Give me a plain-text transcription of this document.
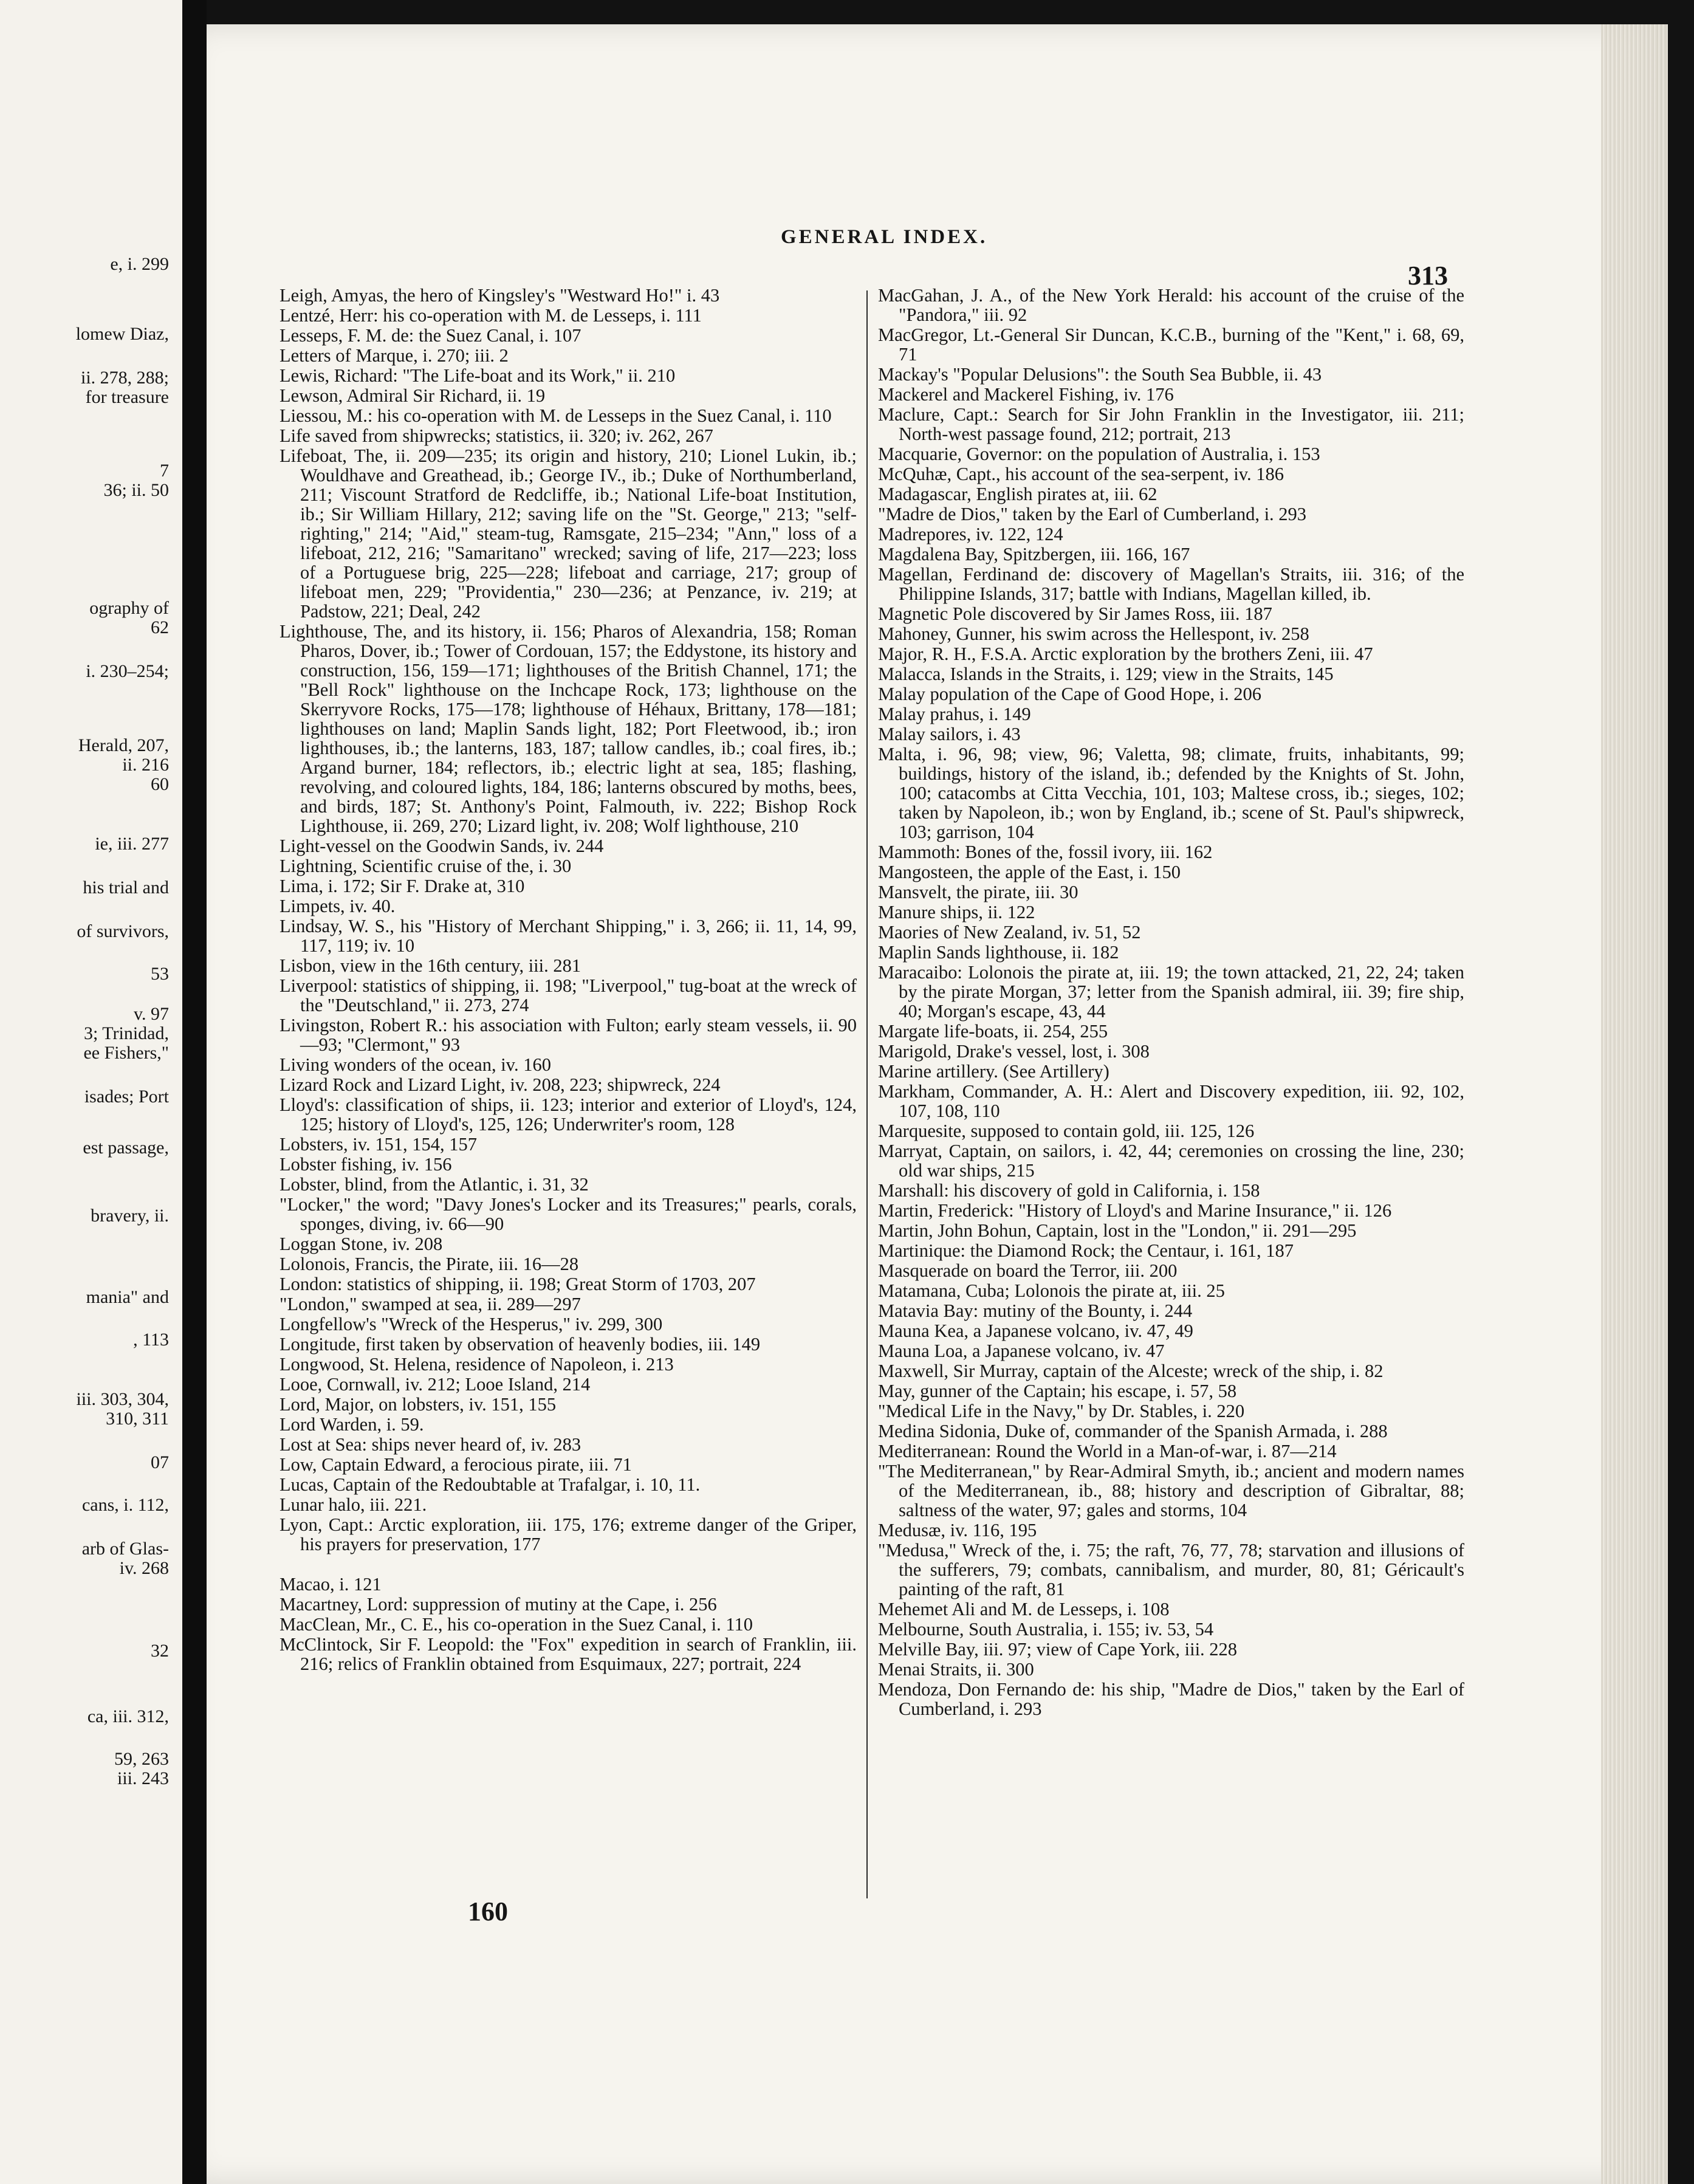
e, i. 299
lomew Diaz,
ii. 278, 288;
for treasure
7
36; ii. 50
ography of
62
i. 230–254;
Herald, 207,
ii. 216
60
ie, iii. 277
his trial and
of survivors,
53
v. 97
3; Trinidad,
ee Fishers,"
isades; Port
est passage,
bravery, ii.
mania" and
, 113
iii. 303, 304,
310, 311
07
cans, i. 112,
arb of Glas-
iv. 268
32
ca, iii. 312,
59, 263
iii. 243
GENERAL INDEX.
313
Leigh, Amyas, the hero of Kingsley's "Westward Ho!" i. 43
Lentzé, Herr: his co-operation with M. de Lesseps, i. 111
Lesseps, F. M. de: the Suez Canal, i. 107
Letters of Marque, i. 270; iii. 2
Lewis, Richard: "The Life-boat and its Work," ii. 210
Lewson, Admiral Sir Richard, ii. 19
Liessou, M.: his co-operation with M. de Lesseps in the Suez Canal, i. 110
Life saved from shipwrecks; statistics, ii. 320; iv. 262, 267
Lifeboat, The, ii. 209—235; its origin and history, 210; Lionel Lukin, ib.; Wouldhave and Greathead, ib.; George IV., ib.; Duke of Northumberland, 211; Viscount Stratford de Redcliffe, ib.; National Life-boat Institution, ib.; Sir William Hillary, 212; saving life on the "St. George," 213; "self-righting," 214; "Aid," steam-tug, Ramsgate, 215–234; "Ann," loss of a lifeboat, 212, 216; "Samaritano" wrecked; saving of life, 217—223; loss of a Portuguese brig, 225—228; lifeboat and carriage, 217; group of lifeboat men, 229; "Providentia," 230—236; at Penzance, iv. 219; at Padstow, 221; Deal, 242
Lighthouse, The, and its history, ii. 156; Pharos of Alexandria, 158; Roman Pharos, Dover, ib.; Tower of Cordouan, 157; the Eddystone, its history and construction, 156, 159—171; lighthouses of the British Channel, 171; the "Bell Rock" lighthouse on the Inchcape Rock, 173; lighthouse on the Skerryvore Rocks, 175—178; lighthouse of Héhaux, Brittany, 178—181; lighthouses on land; Maplin Sands light, 182; Port Fleetwood, ib.; iron lighthouses, ib.; the lanterns, 183, 187; tallow candles, ib.; coal fires, ib.; Argand burner, 184; reflectors, ib.; electric light at sea, 185; flashing, revolving, and coloured lights, 184, 186; lanterns obscured by moths, bees, and birds, 187; St. Anthony's Point, Falmouth, iv. 222; Bishop Rock Lighthouse, ii. 269, 270; Lizard light, iv. 208; Wolf lighthouse, 210
Light-vessel on the Goodwin Sands, iv. 244
Lightning, Scientific cruise of the, i. 30
Lima, i. 172; Sir F. Drake at, 310
Limpets, iv. 40.
Lindsay, W. S., his "History of Merchant Shipping," i. 3, 266; ii. 11, 14, 99, 117, 119; iv. 10
Lisbon, view in the 16th century, iii. 281
Liverpool: statistics of shipping, ii. 198; "Liverpool," tug-boat at the wreck of the "Deutschland," ii. 273, 274
Livingston, Robert R.: his association with Fulton; early steam vessels, ii. 90—93; "Clermont," 93
Living wonders of the ocean, iv. 160
Lizard Rock and Lizard Light, iv. 208, 223; shipwreck, 224
Lloyd's: classification of ships, ii. 123; interior and exterior of Lloyd's, 124, 125; history of Lloyd's, 125, 126; Underwriter's room, 128
Lobsters, iv. 151, 154, 157
Lobster fishing, iv. 156
Lobster, blind, from the Atlantic, i. 31, 32
"Locker," the word; "Davy Jones's Locker and its Treasures;" pearls, corals, sponges, diving, iv. 66—90
Loggan Stone, iv. 208
Lolonois, Francis, the Pirate, iii. 16—28
London: statistics of shipping, ii. 198; Great Storm of 1703, 207
"London," swamped at sea, ii. 289—297
Longfellow's "Wreck of the Hesperus," iv. 299, 300
Longitude, first taken by observation of heavenly bodies, iii. 149
Longwood, St. Helena, residence of Napoleon, i. 213
Looe, Cornwall, iv. 212; Looe Island, 214
Lord, Major, on lobsters, iv. 151, 155
Lord Warden, i. 59.
Lost at Sea: ships never heard of, iv. 283
Low, Captain Edward, a ferocious pirate, iii. 71
Lucas, Captain of the Redoubtable at Trafalgar, i. 10, 11.
Lunar halo, iii. 221.
Lyon, Capt.: Arctic exploration, iii. 175, 176; extreme danger of the Griper, his prayers for preservation, 177
Macao, i. 121
Macartney, Lord: suppression of mutiny at the Cape, i. 256
MacClean, Mr., C. E., his co-operation in the Suez Canal, i. 110
McClintock, Sir F. Leopold: the "Fox" expedition in search of Franklin, iii. 216; relics of Franklin obtained from Esquimaux, 227; portrait, 224
MacGahan, J. A., of the New York Herald: his account of the cruise of the "Pandora," iii. 92
MacGregor, Lt.-General Sir Duncan, K.C.B., burning of the "Kent," i. 68, 69, 71
Mackay's "Popular Delusions": the South Sea Bubble, ii. 43
Mackerel and Mackerel Fishing, iv. 176
Maclure, Capt.: Search for Sir John Franklin in the Investigator, iii. 211; North-west passage found, 212; portrait, 213
Macquarie, Governor: on the population of Australia, i. 153
McQuhæ, Capt., his account of the sea-serpent, iv. 186
Madagascar, English pirates at, iii. 62
"Madre de Dios," taken by the Earl of Cumberland, i. 293
Madrepores, iv. 122, 124
Magdalena Bay, Spitzbergen, iii. 166, 167
Magellan, Ferdinand de: discovery of Magellan's Straits, iii. 316; of the Philippine Islands, 317; battle with Indians, Magellan killed, ib.
Magnetic Pole discovered by Sir James Ross, iii. 187
Mahoney, Gunner, his swim across the Hellespont, iv. 258
Major, R. H., F.S.A. Arctic exploration by the brothers Zeni, iii. 47
Malacca, Islands in the Straits, i. 129; view in the Straits, 145
Malay population of the Cape of Good Hope, i. 206
Malay prahus, i. 149
Malay sailors, i. 43
Malta, i. 96, 98; view, 96; Valetta, 98; climate, fruits, inhabitants, 99; buildings, history of the island, ib.; defended by the Knights of St. John, 100; catacombs at Citta Vecchia, 101, 103; Maltese cross, ib.; sieges, 102; taken by Napoleon, ib.; won by England, ib.; scene of St. Paul's shipwreck, 103; garrison, 104
Mammoth: Bones of the, fossil ivory, iii. 162
Mangosteen, the apple of the East, i. 150
Mansvelt, the pirate, iii. 30
Manure ships, ii. 122
Maories of New Zealand, iv. 51, 52
Maplin Sands lighthouse, ii. 182
Maracaibo: Lolonois the pirate at, iii. 19; the town attacked, 21, 22, 24; taken by the pirate Morgan, 37; letter from the Spanish admiral, iii. 39; fire ship, 40; Morgan's escape, 43, 44
Margate life-boats, ii. 254, 255
Marigold, Drake's vessel, lost, i. 308
Marine artillery. (See Artillery)
Markham, Commander, A. H.: Alert and Discovery expedition, iii. 92, 102, 107, 108, 110
Marquesite, supposed to contain gold, iii. 125, 126
Marryat, Captain, on sailors, i. 42, 44; ceremonies on crossing the line, 230; old war ships, 215
Marshall: his discovery of gold in California, i. 158
Martin, Frederick: "History of Lloyd's and Marine Insurance," ii. 126
Martin, John Bohun, Captain, lost in the "London," ii. 291—295
Martinique: the Diamond Rock; the Centaur, i. 161, 187
Masquerade on board the Terror, iii. 200
Matamana, Cuba; Lolonois the pirate at, iii. 25
Matavia Bay: mutiny of the Bounty, i. 244
Mauna Kea, a Japanese volcano, iv. 47, 49
Mauna Loa, a Japanese volcano, iv. 47
Maxwell, Sir Murray, captain of the Alceste; wreck of the ship, i. 82
May, gunner of the Captain; his escape, i. 57, 58
"Medical Life in the Navy," by Dr. Stables, i. 220
Medina Sidonia, Duke of, commander of the Spanish Armada, i. 288
Mediterranean: Round the World in a Man-of-war, i. 87—214
"The Mediterranean," by Rear-Admiral Smyth, ib.; ancient and modern names of the Mediterranean, ib., 88; history and description of Gibraltar, 88; saltness of the water, 97; gales and storms, 104
Medusæ, iv. 116, 195
"Medusa," Wreck of the, i. 75; the raft, 76, 77, 78; starvation and illusions of the sufferers, 79; combats, cannibalism, and murder, 80, 81; Géricault's painting of the raft, 81
Mehemet Ali and M. de Lesseps, i. 108
Melbourne, South Australia, i. 155; iv. 53, 54
Melville Bay, iii. 97; view of Cape York, iii. 228
Menai Straits, ii. 300
Mendoza, Don Fernando de: his ship, "Madre de Dios," taken by the Earl of Cumberland, i. 293
160
